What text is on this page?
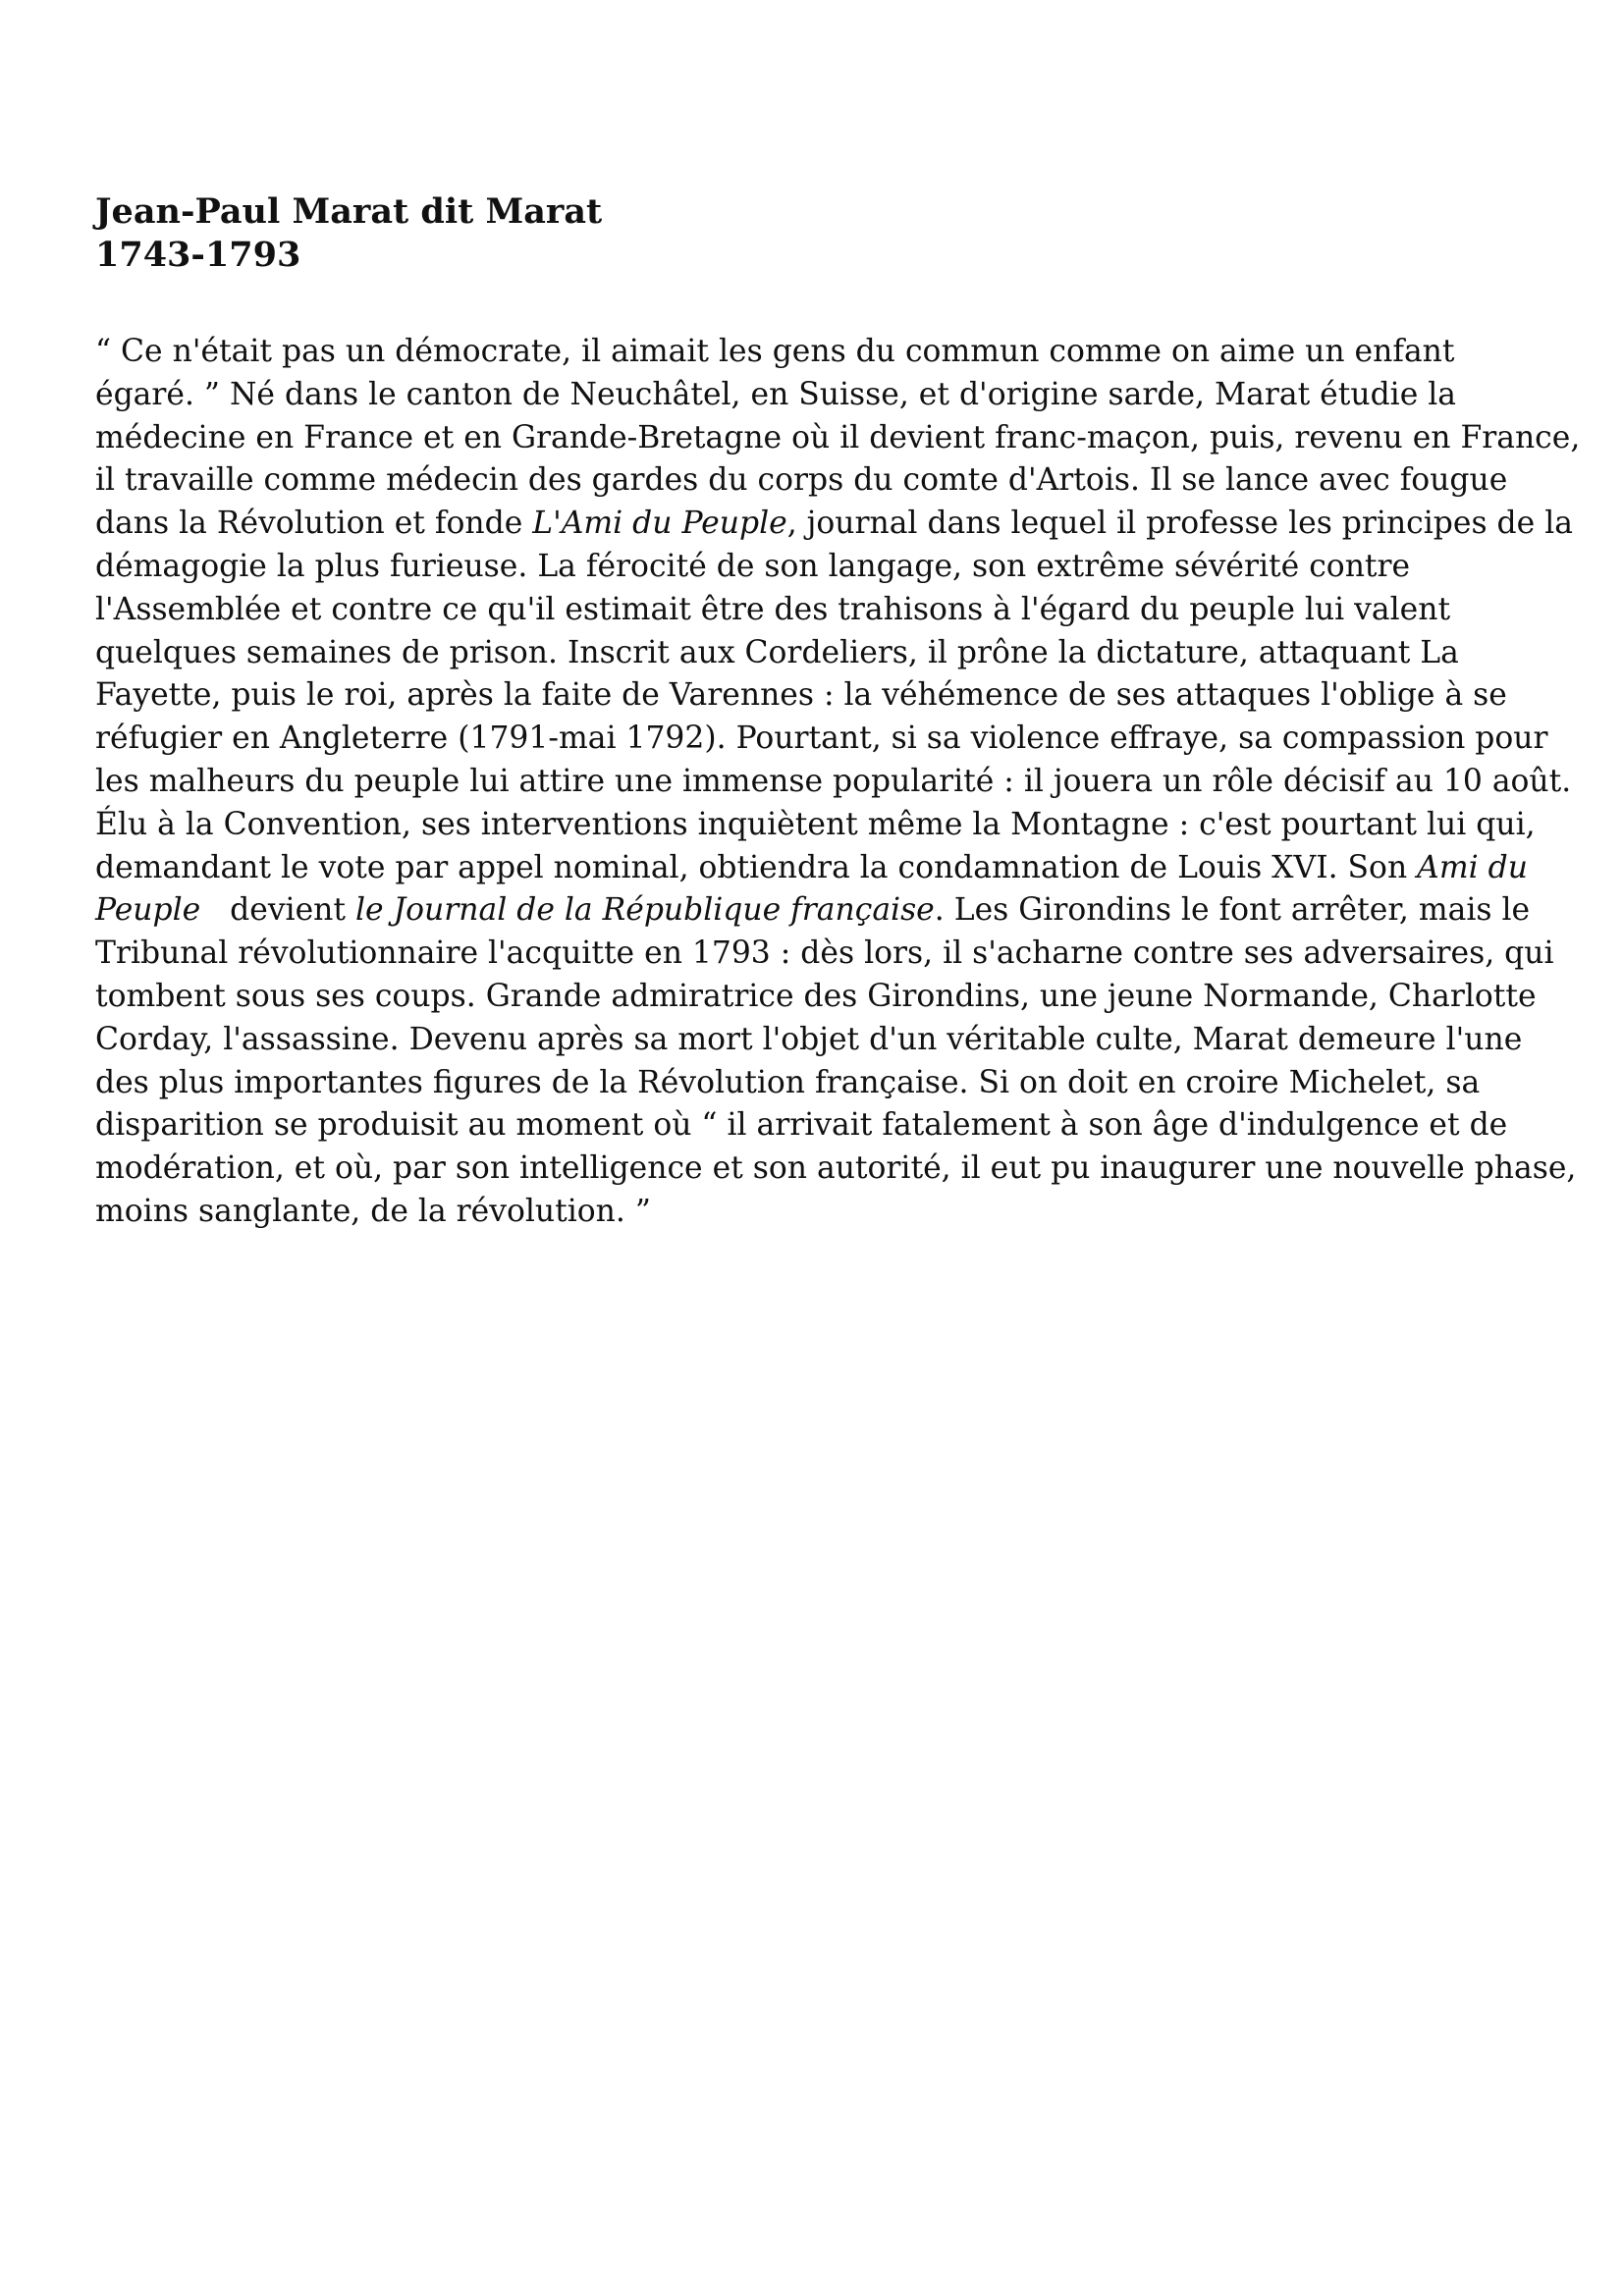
Jean-Paul Marat dit Marat
1743-1793

“ Ce n'était pas un démocrate, il aimait les gens du commun comme on aime un enfant
égaré. ” Né dans le canton de Neuchâtel, en Suisse, et d'origine sarde, Marat étudie la
médecine en France et en Grande-Bretagne où il devient franc-maçon, puis, revenu en France,
il travaille comme médecin des gardes du corps du comte d'Artois. Il se lance avec fougue
dans la Révolution et fonde L'Ami du Peuple, journal dans lequel il professe les principes de la
démagogie la plus furieuse. La férocité de son langage, son extrême sévérité contre
l'Assemblée et contre ce qu'il estimait être des trahisons à l'égard du peuple lui valent
quelques semaines de prison. Inscrit aux Cordeliers, il prône la dictature, attaquant La
Fayette, puis le roi, après la faite de Varennes : la véhémence de ses attaques l'oblige à se
réfugier en Angleterre (1791-mai 1792). Pourtant, si sa violence effraye, sa compassion pour
les malheurs du peuple lui attire une immense popularité : il jouera un rôle décisif au 10 août.
Élu à la Convention, ses interventions inquiètent même la Montagne : c'est pourtant lui qui,
demandant le vote par appel nominal, obtiendra la condamnation de Louis XVI. Son Ami du
Peuple   devient le Journal de la République française. Les Girondins le font arrêter, mais le
Tribunal révolutionnaire l'acquitte en 1793 : dès lors, il s'acharne contre ses adversaires, qui
tombent sous ses coups. Grande admiratrice des Girondins, une jeune Normande, Charlotte
Corday, l'assassine. Devenu après sa mort l'objet d'un véritable culte, Marat demeure l'une
des plus importantes figures de la Révolution française. Si on doit en croire Michelet, sa
disparition se produisit au moment où “ il arrivait fatalement à son âge d'indulgence et de
modération, et où, par son intelligence et son autorité, il eut pu inaugurer une nouvelle phase,
moins sanglante, de la révolution. ”
